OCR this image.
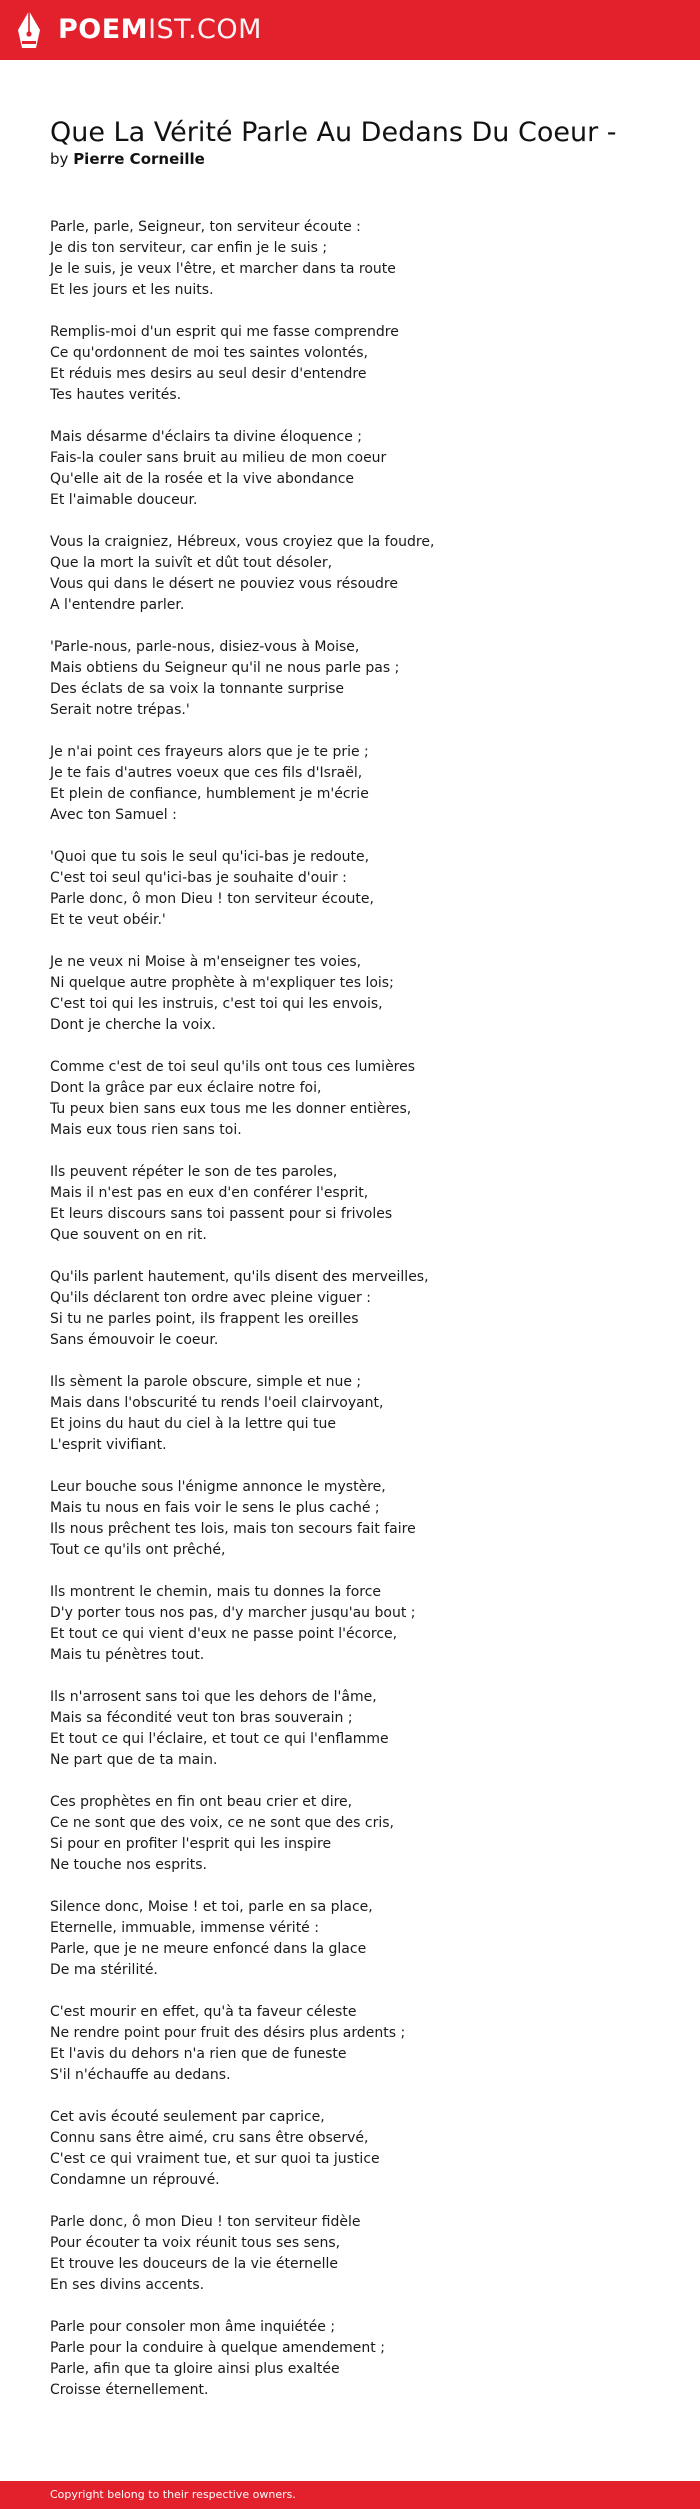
POEMIST.COM
Que La Vérité Parle Au Dedans Du Coeur -
by Pierre Corneille
Parle, parle, Seigneur, ton serviteur écoute :
Je dis ton serviteur, car enfin je le suis ;
Je le suis, je veux l'être, et marcher dans ta route
Et les jours et les nuits.
Remplis-moi d'un esprit qui me fasse comprendre
Ce qu'ordonnent de moi tes saintes volontés,
Et réduis mes desirs au seul desir d'entendre
Tes hautes verités.
Mais désarme d'éclairs ta divine éloquence ;
Fais-la couler sans bruit au milieu de mon coeur
Qu'elle ait de la rosée et la vive abondance
Et l'aimable douceur.
Vous la craigniez, Hébreux, vous croyiez que la foudre,
Que la mort la suivît et dût tout désoler,
Vous qui dans le désert ne pouviez vous résoudre
A l'entendre parler.
'Parle-nous, parle-nous, disiez-vous à Moise,
Mais obtiens du Seigneur qu'il ne nous parle pas ;
Des éclats de sa voix la tonnante surprise
Serait notre trépas.'
Je n'ai point ces frayeurs alors que je te prie ;
Je te fais d'autres voeux que ces fils d'Israël,
Et plein de confiance, humblement je m'écrie
Avec ton Samuel :
'Quoi que tu sois le seul qu'ici-bas je redoute,
C'est toi seul qu'ici-bas je souhaite d'ouir :
Parle donc, ô mon Dieu ! ton serviteur écoute,
Et te veut obéir.'
Je ne veux ni Moise à m'enseigner tes voies,
Ni quelque autre prophète à m'expliquer tes lois;
C'est toi qui les instruis, c'est toi qui les envois,
Dont je cherche la voix.
Comme c'est de toi seul qu'ils ont tous ces lumières
Dont la grâce par eux éclaire notre foi,
Tu peux bien sans eux tous me les donner entières,
Mais eux tous rien sans toi.
Ils peuvent répéter le son de tes paroles,
Mais il n'est pas en eux d'en conférer l'esprit,
Et leurs discours sans toi passent pour si frivoles
Que souvent on en rit.
Qu'ils parlent hautement, qu'ils disent des merveilles,
Qu'ils déclarent ton ordre avec pleine viguer :
Si tu ne parles point, ils frappent les oreilles
Sans émouvoir le coeur.
Ils sèment la parole obscure, simple et nue ;
Mais dans l'obscurité tu rends l'oeil clairvoyant,
Et joins du haut du ciel à la lettre qui tue
L'esprit vivifiant.
Leur bouche sous l'énigme annonce le mystère,
Mais tu nous en fais voir le sens le plus caché ;
Ils nous prêchent tes lois, mais ton secours fait faire
Tout ce qu'ils ont prêché,
Ils montrent le chemin, mais tu donnes la force
D'y porter tous nos pas, d'y marcher jusqu'au bout ;
Et tout ce qui vient d'eux ne passe point l'écorce,
Mais tu pénètres tout.
Ils n'arrosent sans toi que les dehors de l'âme,
Mais sa fécondité veut ton bras souverain ;
Et tout ce qui l'éclaire, et tout ce qui l'enflamme
Ne part que de ta main.
Ces prophètes en fin ont beau crier et dire,
Ce ne sont que des voix, ce ne sont que des cris,
Si pour en profiter l'esprit qui les inspire
Ne touche nos esprits.
Silence donc, Moise ! et toi, parle en sa place,
Eternelle, immuable, immense vérité :
Parle, que je ne meure enfoncé dans la glace
De ma stérilité.
C'est mourir en effet, qu'à ta faveur céleste
Ne rendre point pour fruit des désirs plus ardents ;
Et l'avis du dehors n'a rien que de funeste
S'il n'échauffe au dedans.
Cet avis écouté seulement par caprice,
Connu sans être aimé, cru sans être observé,
C'est ce qui vraiment tue, et sur quoi ta justice
Condamne un réprouvé.
Parle donc, ô mon Dieu ! ton serviteur fidèle
Pour écouter ta voix réunit tous ses sens,
Et trouve les douceurs de la vie éternelle
En ses divins accents.
Parle pour consoler mon âme inquiétée ;
Parle pour la conduire à quelque amendement ;
Parle, afin que ta gloire ainsi plus exaltée
Croisse éternellement.
Copyright belong to their respective owners.
